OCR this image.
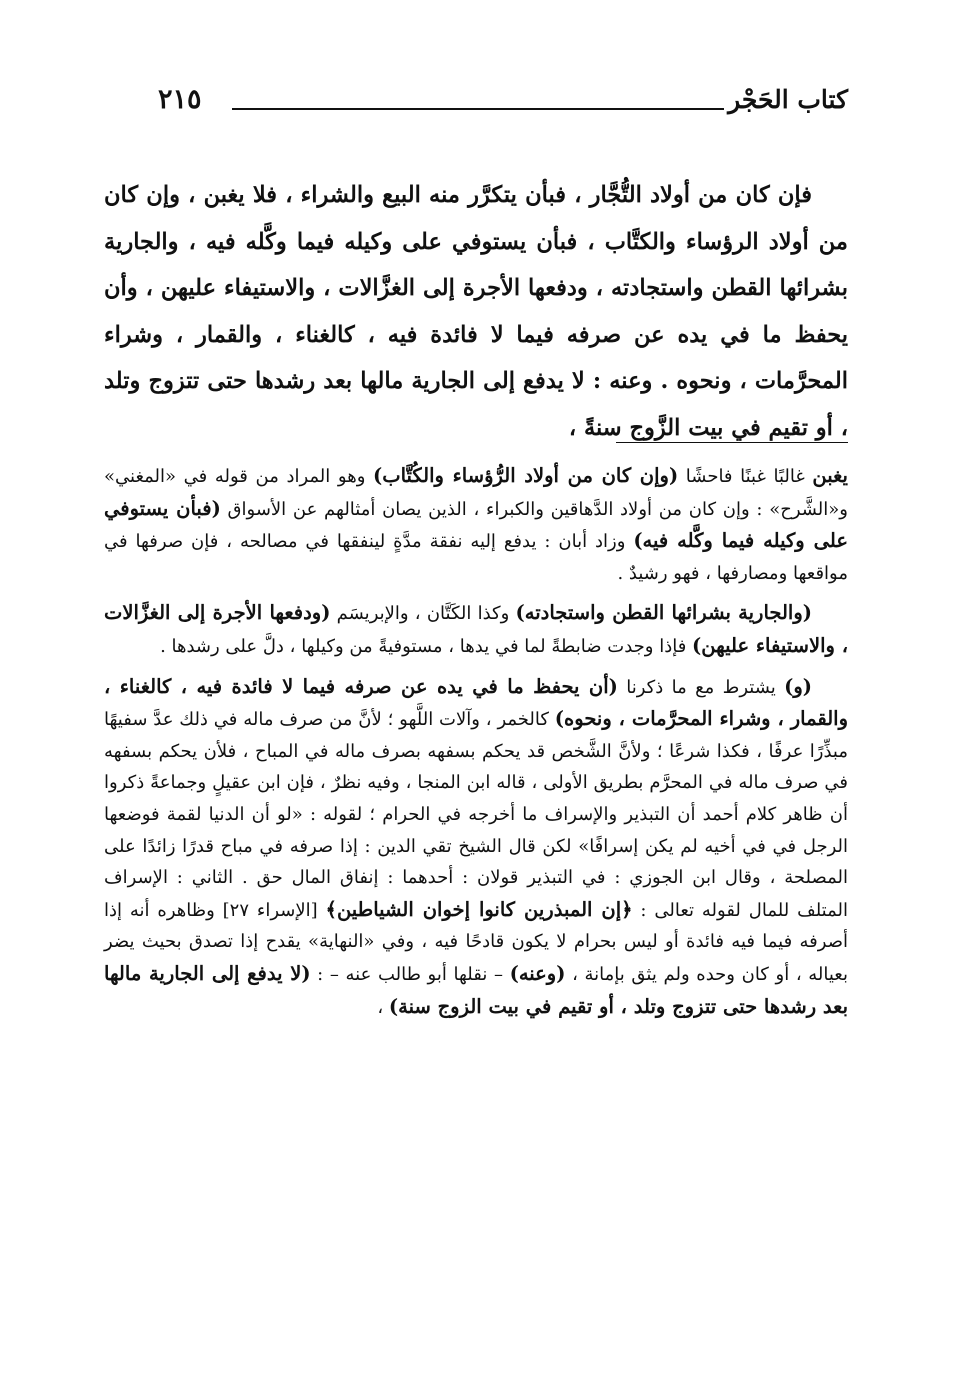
كتاب الحَجْر
٢١٥

فإن كان من أولاد التُّجَّار ، فبأن يتكرَّر منه البيع والشراء ، فلا يغبن ، وإن كان من أولاد الرؤساء والكتَّاب ، فبأن يستوفي على وكيله فيما وكَّله فيه ، والجارية بشرائها القطن واستجادته ، ودفعها الأجرة إلى الغزَّالات ، والاستيفاء عليهن ، وأن يحفظ ما في يده عن صرفه فيما لا فائدة فيه ، كالغناء ، والقمار ، وشراء المحرَّمات ، ونحوه . وعنه : لا يدفع إلى الجارية مالها بعد رشدها حتى تتزوج وتلد ، أو تقيم في بيت الزَّوج سنةً ،

يغبن غالبًا غبنًا فاحشًا (وإن كان من أولاد الرُّؤساء والكُتَّاب) وهو المراد من قوله في «المغني» و«الشَّرح» : وإن كان من أولاد الدَّهاقين والكبراء ، الذين يصان أمثالهم عن الأسواق (فبأن يستوفي على وكيله فيما وكَّله فيه) وزاد أبان : يدفع إليه نفقة مدَّةٍ لينفقها في مصالحه ، فإن صرفها في مواقعها ومصارفها ، فهو رشيدٌ .

(والجارية بشرائها القطن واستجادته) وكذا الكَتَّان ، والإبريسَم (ودفعها الأجرة إلى الغزَّالات ، والاستيفاء عليهن) فإذا وجدت ضابطةً لما في يدها ، مستوفيةً من وكيلها ، دلَّ على رشدها .

(و) يشترط مع ما ذكرنا (أن يحفظ ما في يده عن صرفه فيما لا فائدة فيه ، كالغناء ، والقمار ، وشراء المحرَّمات ، ونحوه) كالخمر ، وآلات اللَّهو ؛ لأنَّ من صرف ماله في ذلك عدَّ سفيهًا مبذِّرًا عرفًا ، فكذا شرعًا ؛ ولأنَّ الشَّخص قد يحكم بسفهه بصرف ماله في المباح ، فلأن يحكم بسفهه في صرف ماله في المحرَّم بطريق الأولى ، قاله ابن المنجا ، وفيه نظرٌ ، فإن ابن عقيلٍ وجماعةً ذكروا أن ظاهر كلام أحمد أن التبذير والإسراف ما أخرجه في الحرام ؛ لقوله : «لو أن الدنيا لقمة فوضعها الرجل في في أخيه لم يكن إسرافًا» لكن قال الشيخ تقي الدين : إذا صرفه في مباح قدرًا زائدًا على المصلحة ، وقال ابن الجوزي : في التبذير قولان : أحدهما : إنفاق المال حق . الثاني : الإسراف المتلف للمال لقوله تعالى : ﴿إن المبذرين كانوا إخوان الشياطين﴾ [الإسراء ٢٧] وظاهره أنه إذا أصرفه فيما فيه فائدة أو ليس بحرام لا يكون قادحًا فيه ، وفي «النهاية» يقدح إذا تصدق بحيث يضر بعياله ، أو كان وحده ولم يثق بإمانة ، (وعنه) – نقلها أبو طالب عنه – : (لا يدفع إلى الجارية مالها بعد رشدها حتى تتزوج وتلد ، أو تقيم في بيت الزوج سنة) ،
